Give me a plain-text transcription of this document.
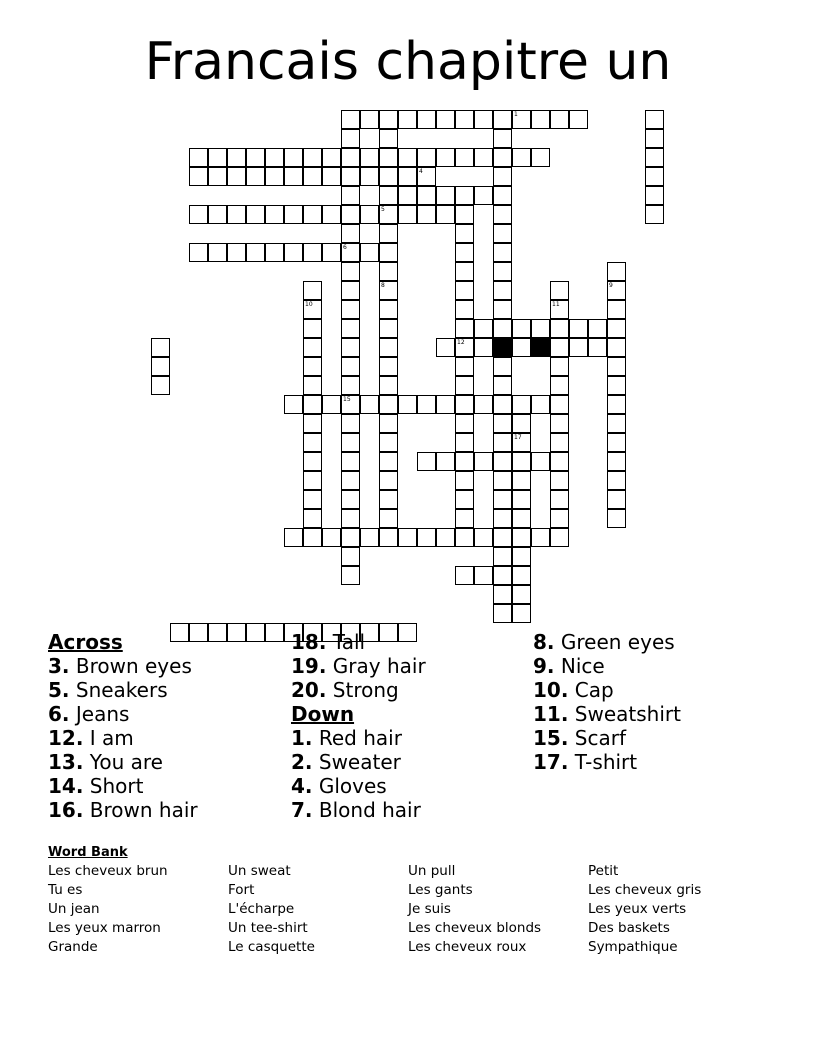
Francais chapitre un
6
5
15
4
1
12
8	9
10	11
17
Across
3. Brown eyes
5. Sneakers
6. Jeans
12. I am
13. You are
14. Short
16. Brown hair
18. Tall
19. Gray hair
20. Strong
Down
1. Red hair
2. Sweater
4. Gloves
7. Blond hair
8. Green eyes
9. Nice
10. Cap
11. Sweatshirt
15. Scarf
17. T-shirt
Word Bank
Les cheveux brun
Tu es
Un jean
Les yeux marron
Grande
Un sweat
Fort
L'écharpe
Un tee-shirt
Le casquette
Un pull
Les gants
Je suis
Les cheveux blonds
Les cheveux roux
Petit
Les cheveux gris
Les yeux verts
Des baskets
Sympathique
